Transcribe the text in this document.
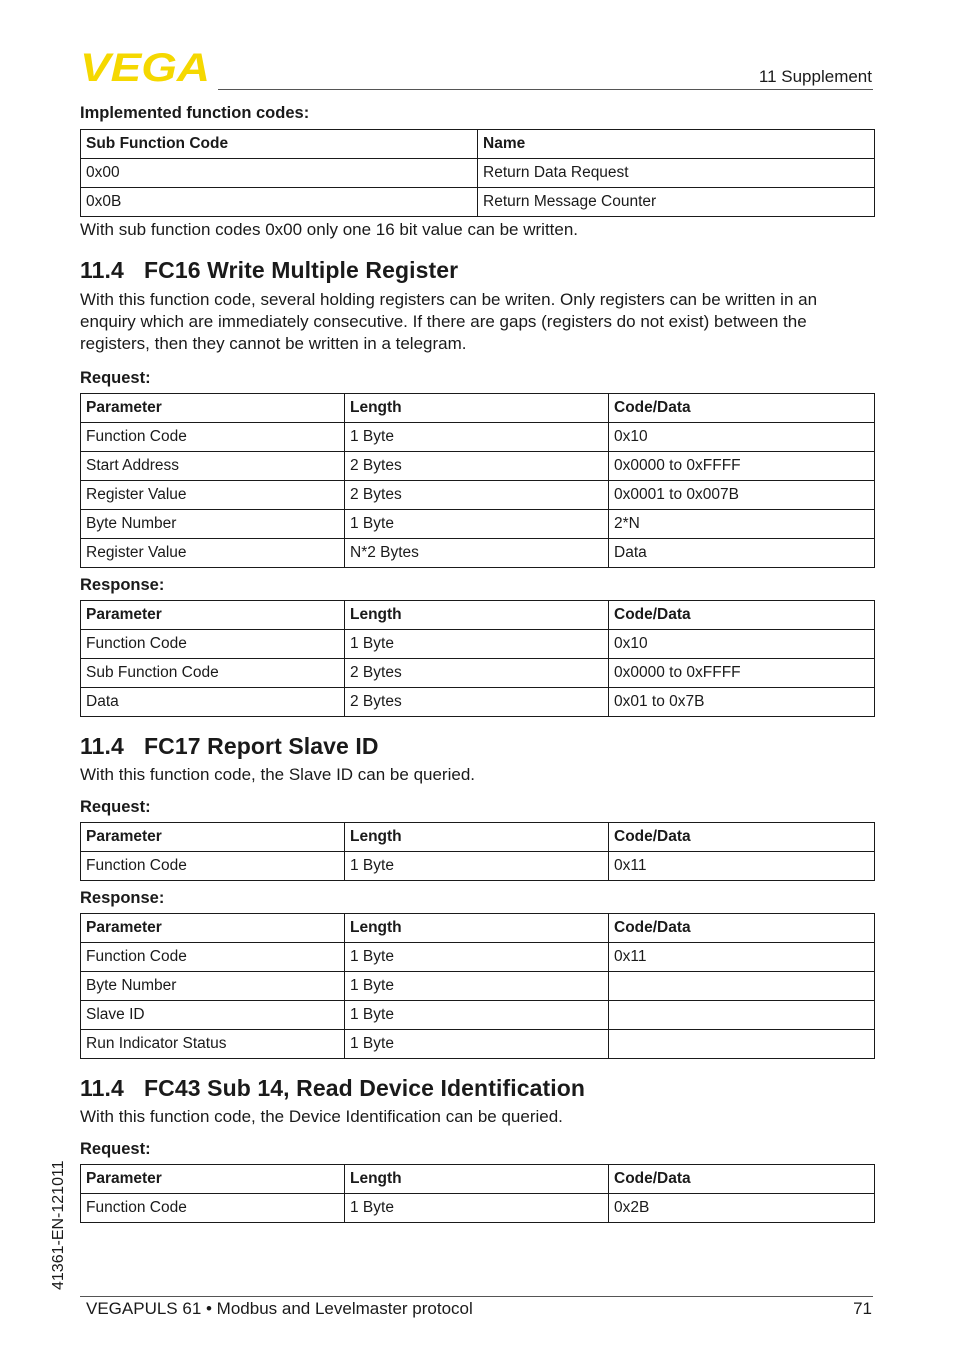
VEGA	11 Supplement

Implemented function codes:

Sub Function Code	Name
0x00	Return Data Request
0x0B	Return Message Counter

With sub function codes 0x00 only one 16 bit value can be written.

11.4 FC16 Write Multiple Register

With this function code, several holding registers can be writen. Only registers can be written in an enquiry which are immediately consecutive. If there are gaps (registers do not exist) between the registers, then they cannot be written in a telegram.

Request:

Parameter	Length	Code/Data
Function Code	1 Byte	0x10
Start Address	2 Bytes	0x0000 to 0xFFFF
Register Value	2 Bytes	0x0001 to 0x007B
Byte Number	1 Byte	2*N
Register Value	N*2 Bytes	Data

Response:

Parameter	Length	Code/Data
Function Code	1 Byte	0x10
Sub Function Code	2 Bytes	0x0000 to 0xFFFF
Data	2 Bytes	0x01 to 0x7B
11.4 FC17 Report Slave ID

With this function code, the Slave ID can be queried.

Request:

Parameter	Length	Code/Data
Function Code	1 Byte	0x11

Response:

Parameter	Length	Code/Data
Function Code	1 Byte	0x11
Byte Number	1 Byte	
Slave ID	1 Byte	
Run Indicator Status	1 Byte	
11.4 FC43 Sub 14, Read Device Identification

With this function code, the Device Identification can be queried.

Request:

Parameter	Length	Code/Data
Function Code	1 Byte	0x2B
41361-EN-121011
VEGAPULS 61 • Modbus and Levelmaster protocol	71
